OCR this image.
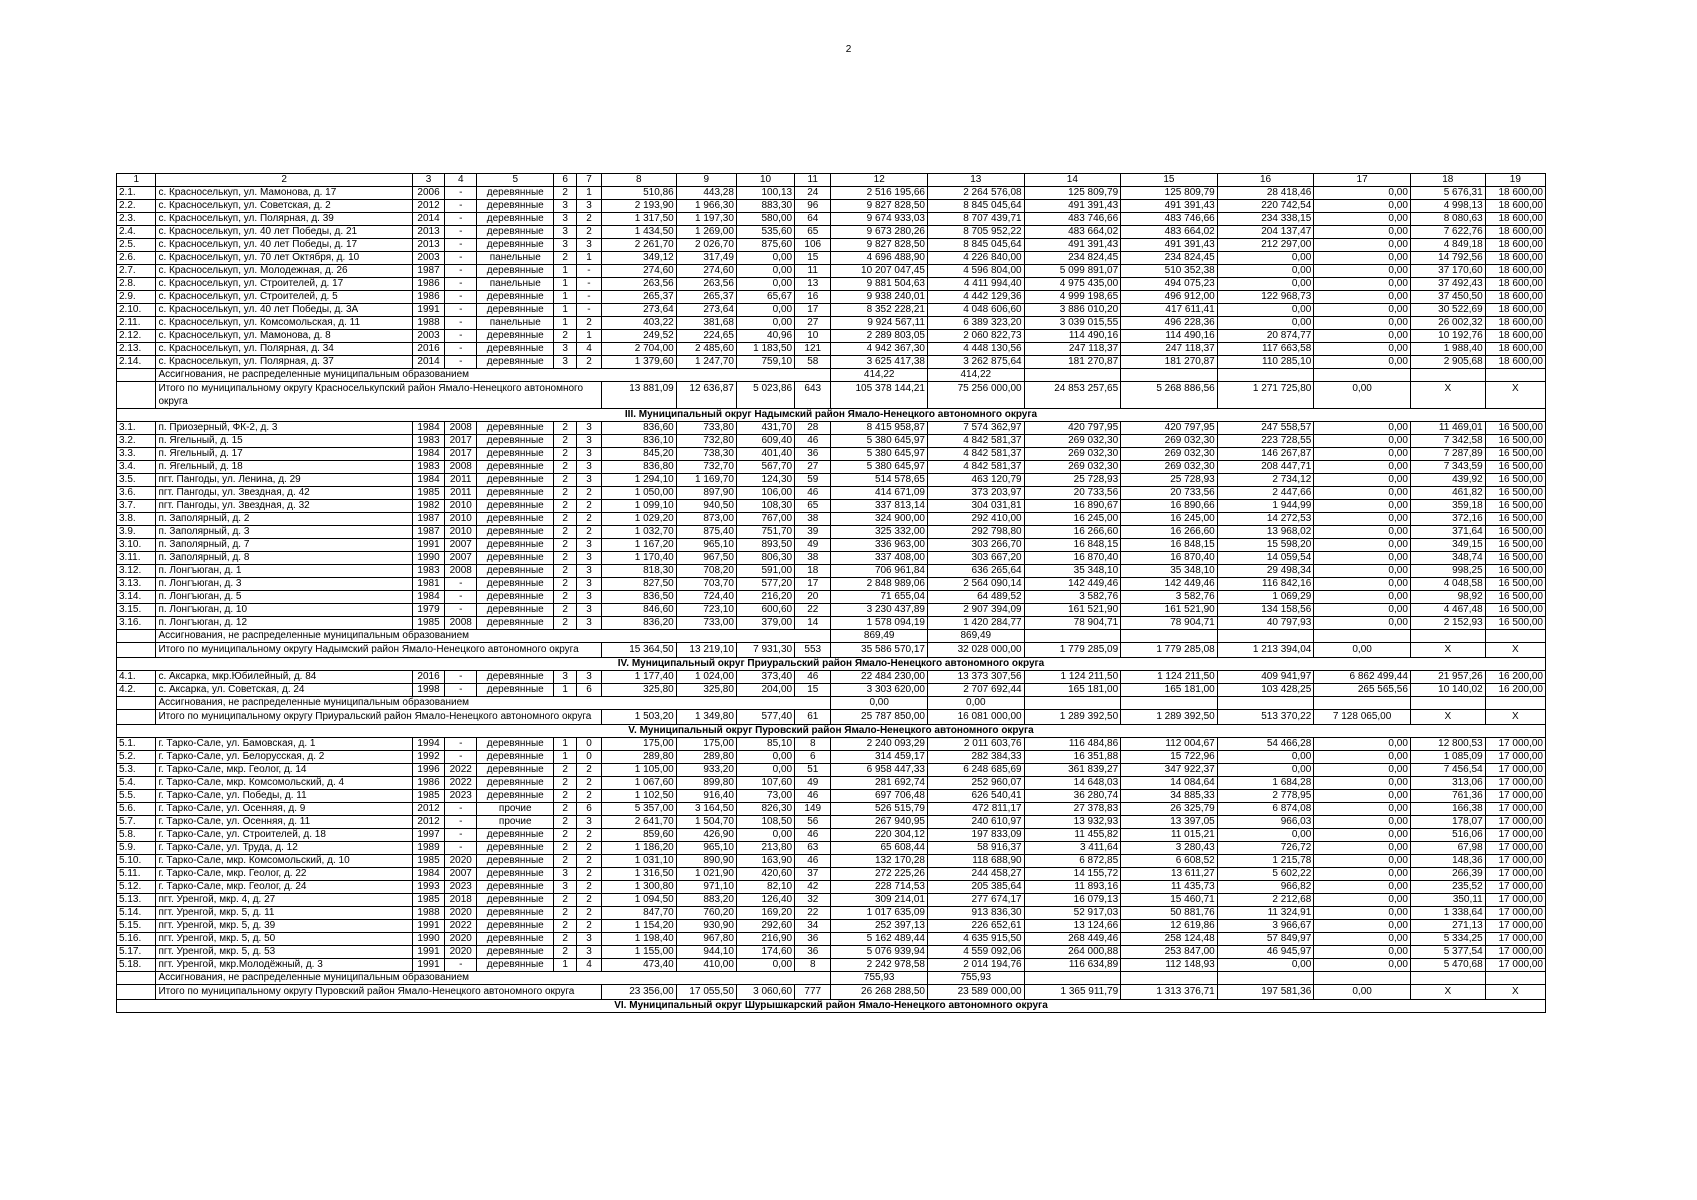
2
1	2	3	4	5	6	7	8	9	10	11	12	13	14	15	16	17	18	19
2.1.	с. Красноселькуп, ул. Мамонова, д. 17	2006	-	деревянные	2	1	510,86	443,28	100,13	24	2 516 195,66	2 264 576,08	125 809,79	125 809,79	28 418,46	0,00	5 676,31	18 600,00
2.2.	с. Красноселькуп, ул. Советская, д. 2	2012	-	деревянные	3	3	2 193,90	1 966,30	883,30	96	9 827 828,50	8 845 045,64	491 391,43	491 391,43	220 742,54	0,00	4 998,13	18 600,00
2.3.	с. Красноселькуп, ул. Полярная, д. 39	2014	-	деревянные	3	2	1 317,50	1 197,30	580,00	64	9 674 933,03	8 707 439,71	483 746,66	483 746,66	234 338,15	0,00	8 080,63	18 600,00
2.4.	с. Красноселькуп, ул. 40 лет Победы, д. 21	2013	-	деревянные	3	2	1 434,50	1 269,00	535,60	65	9 673 280,26	8 705 952,22	483 664,02	483 664,02	204 137,47	0,00	7 622,76	18 600,00
2.5.	с. Красноселькуп, ул. 40 лет Победы, д. 17	2013	-	деревянные	3	3	2 261,70	2 026,70	875,60	106	9 827 828,50	8 845 045,64	491 391,43	491 391,43	212 297,00	0,00	4 849,18	18 600,00
2.6.	с. Красноселькуп, ул. 70 лет Октября, д. 10	2003	-	панельные	2	1	349,12	317,49	0,00	15	4 696 488,90	4 226 840,00	234 824,45	234 824,45	0,00	0,00	14 792,56	18 600,00
2.7.	с. Красноселькуп, ул. Молодежная, д. 26	1987	-	деревянные	1	-	274,60	274,60	0,00	11	10 207 047,45	4 596 804,00	5 099 891,07	510 352,38	0,00	0,00	37 170,60	18 600,00
2.8.	с. Красноселькуп, ул. Строителей, д. 17	1986	-	панельные	1	-	263,56	263,56	0,00	13	9 881 504,63	4 411 994,40	4 975 435,00	494 075,23	0,00	0,00	37 492,43	18 600,00
2.9.	с. Красноселькуп, ул. Строителей, д. 5	1986	-	деревянные	1	-	265,37	265,37	65,67	16	9 938 240,01	4 442 129,36	4 999 198,65	496 912,00	122 968,73	0,00	37 450,50	18 600,00
2.10.	с. Красноселькуп, ул. 40 лет Победы, д. 3А	1991	-	деревянные	1	-	273,64	273,64	0,00	17	8 352 228,21	4 048 606,60	3 886 010,20	417 611,41	0,00	0,00	30 522,69	18 600,00
2.11.	с. Красноселькуп, ул. Комсомольская, д. 11	1988	-	панельные	1	2	403,22	381,68	0,00	27	9 924 567,11	6 389 323,20	3 039 015,55	496 228,36	0,00	0,00	26 002,32	18 600,00
2.12.	с. Красноселькуп, ул. Мамонова, д. 8	2003	-	деревянные	2	1	249,52	224,65	40,96	10	2 289 803,05	2 060 822,73	114 490,16	114 490,16	20 874,77	0,00	10 192,76	18 600,00
2.13.	с. Красноселькуп, ул. Полярная, д. 34	2016	-	деревянные	3	4	2 704,00	2 485,60	1 183,50	121	4 942 367,30	4 448 130,56	247 118,37	247 118,37	117 663,58	0,00	1 988,40	18 600,00
2.14.	с. Красноселькуп, ул. Полярная, д. 37	2014	-	деревянные	3	2	1 379,60	1 247,70	759,10	58	3 625 417,38	3 262 875,64	181 270,87	181 270,87	110 285,10	0,00	2 905,68	18 600,00
	Ассигнования, не распределенные муниципальным образованием										414,22	414,22						
	Итого по муниципальному округу Красноселькупский район Ямало-Ненецкого автономного округа						13 881,09	12 636,87	5 023,86	643	105 378 144,21	75 256 000,00	24 853 257,65	5 268 886,56	1 271 725,80	0,00	X	X
III. Муниципальный округ Надымский район Ямало-Ненецкого автономного округа																		
3.1.	п. Приозерный, ФК-2, д. 3	1984	2008	деревянные	2	3	836,60	733,80	431,70	28	8 415 958,87	7 574 362,97	420 797,95	420 797,95	247 558,57	0,00	11 469,01	16 500,00
3.2.	п. Ягельный, д. 15	1983	2017	деревянные	2	3	836,10	732,80	609,40	46	5 380 645,97	4 842 581,37	269 032,30	269 032,30	223 728,55	0,00	7 342,58	16 500,00
3.3.	п. Ягельный, д. 17	1984	2017	деревянные	2	3	845,20	738,30	401,40	36	5 380 645,97	4 842 581,37	269 032,30	269 032,30	146 267,87	0,00	7 287,89	16 500,00
3.4.	п. Ягельный, д. 18	1983	2008	деревянные	2	3	836,80	732,70	567,70	27	5 380 645,97	4 842 581,37	269 032,30	269 032,30	208 447,71	0,00	7 343,59	16 500,00
3.5.	пгт. Пангоды, ул. Ленина, д. 29	1984	2011	деревянные	2	3	1 294,10	1 169,70	124,30	59	514 578,65	463 120,79	25 728,93	25 728,93	2 734,12	0,00	439,92	16 500,00
3.6.	пгт. Пангоды, ул. Звездная, д. 42	1985	2011	деревянные	2	2	1 050,00	897,90	106,00	46	414 671,09	373 203,97	20 733,56	20 733,56	2 447,66	0,00	461,82	16 500,00
3.7.	пгт. Пангоды, ул. Звездная, д. 32	1982	2010	деревянные	2	2	1 099,10	940,50	108,30	65	337 813,14	304 031,81	16 890,67	16 890,66	1 944,99	0,00	359,18	16 500,00
3.8.	п. Заполярный, д. 2	1987	2010	деревянные	2	2	1 029,20	873,00	767,00	38	324 900,00	292 410,00	16 245,00	16 245,00	14 272,53	0,00	372,16	16 500,00
3.9.	п. Заполярный, д. 3	1987	2010	деревянные	2	2	1 032,70	875,40	751,70	39	325 332,00	292 798,80	16 266,60	16 266,60	13 968,02	0,00	371,64	16 500,00
3.10.	п. Заполярный, д. 7	1991	2007	деревянные	2	3	1 167,20	965,10	893,50	49	336 963,00	303 266,70	16 848,15	16 848,15	15 598,20	0,00	349,15	16 500,00
3.11.	п. Заполярный, д. 8	1990	2007	деревянные	2	3	1 170,40	967,50	806,30	38	337 408,00	303 667,20	16 870,40	16 870,40	14 059,54	0,00	348,74	16 500,00
3.12.	п. Лонгъюган, д. 1	1983	2008	деревянные	2	3	818,30	708,20	591,00	18	706 961,84	636 265,64	35 348,10	35 348,10	29 498,34	0,00	998,25	16 500,00
3.13.	п. Лонгъюган, д. 3	1981	-	деревянные	2	3	827,50	703,70	577,20	17	2 848 989,06	2 564 090,14	142 449,46	142 449,46	116 842,16	0,00	4 048,58	16 500,00
3.14.	п. Лонгъюган, д. 5	1984	-	деревянные	2	3	836,50	724,40	216,20	20	71 655,04	64 489,52	3 582,76	3 582,76	1 069,29	0,00	98,92	16 500,00
3.15.	п. Лонгъюган, д. 10	1979	-	деревянные	2	3	846,60	723,10	600,60	22	3 230 437,89	2 907 394,09	161 521,90	161 521,90	134 158,56	0,00	4 467,48	16 500,00
3.16.	п. Лонгъюган, д. 12	1985	2008	деревянные	2	3	836,20	733,00	379,00	14	1 578 094,19	1 420 284,77	78 904,71	78 904,71	40 797,93	0,00	2 152,93	16 500,00
	Ассигнования, не распределенные муниципальным образованием										869,49	869,49						
	Итого по муниципальному округу Надымский район Ямало-Ненецкого автономного округа						15 364,50	13 219,10	7 931,30	553	35 586 570,17	32 028 000,00	1 779 285,09	1 779 285,08	1 213 394,04	0,00	X	X
IV. Муниципальный округ Приуральский район Ямало-Ненецкого автономного округа																		
4.1.	с. Аксарка, мкр.Юбилейный, д. 84	2016	-	деревянные	3	3	1 177,40	1 024,00	373,40	46	22 484 230,00	13 373 307,56	1 124 211,50	1 124 211,50	409 941,97	6 862 499,44	21 957,26	16 200,00
4.2.	с. Аксарка, ул. Советская, д. 24	1998	-	деревянные	1	6	325,80	325,80	204,00	15	3 303 620,00	2 707 692,44	165 181,00	165 181,00	103 428,25	265 565,56	10 140,02	16 200,00
	Ассигнования, не распределенные муниципальным образованием										0,00	0,00						
	Итого по муниципальному округу Приуральский район Ямало-Ненецкого автономного округа						1 503,20	1 349,80	577,40	61	25 787 850,00	16 081 000,00	1 289 392,50	1 289 392,50	513 370,22	7 128 065,00	X	X
V. Муниципальный округ Пуровский район Ямало-Ненецкого автономного округа																		
5.1.	г. Тарко-Сале, ул. Бамовская, д. 1	1994	-	деревянные	1	0	175,00	175,00	85,10	8	2 240 093,29	2 011 603,76	116 484,86	112 004,67	54 466,28	0,00	12 800,53	17 000,00
5.2.	г. Тарко-Сале, ул. Белорусская, д. 2	1992	-	деревянные	1	0	289,80	289,80	0,00	6	314 459,17	282 384,33	16 351,88	15 722,96	0,00	0,00	1 085,09	17 000,00
5.3.	г. Тарко-Сале, мкр. Геолог, д. 14	1996	2022	деревянные	2	2	1 105,00	933,20	0,00	51	6 958 447,33	6 248 685,69	361 839,27	347 922,37	0,00	0,00	7 456,54	17 000,00
5.4.	г. Тарко-Сале, мкр. Комсомольский, д. 4	1986	2022	деревянные	2	2	1 067,60	899,80	107,60	49	281 692,74	252 960,07	14 648,03	14 084,64	1 684,28	0,00	313,06	17 000,00
5.5.	г. Тарко-Сале, ул. Победы, д. 11	1985	2023	деревянные	2	2	1 102,50	916,40	73,00	46	697 706,48	626 540,41	36 280,74	34 885,33	2 778,95	0,00	761,36	17 000,00
5.6.	г. Тарко-Сале, ул. Осенняя, д. 9	2012	-	прочие	2	6	5 357,00	3 164,50	826,30	149	526 515,79	472 811,17	27 378,83	26 325,79	6 874,08	0,00	166,38	17 000,00
5.7.	г. Тарко-Сале, ул. Осенняя, д. 11	2012	-	прочие	2	3	2 641,70	1 504,70	108,50	56	267 940,95	240 610,97	13 932,93	13 397,05	966,03	0,00	178,07	17 000,00
5.8.	г. Тарко-Сале, ул. Строителей, д. 18	1997	-	деревянные	2	2	859,60	426,90	0,00	46	220 304,12	197 833,09	11 455,82	11 015,21	0,00	0,00	516,06	17 000,00
5.9.	г. Тарко-Сале, ул. Труда, д. 12	1989	-	деревянные	2	2	1 186,20	965,10	213,80	63	65 608,44	58 916,37	3 411,64	3 280,43	726,72	0,00	67,98	17 000,00
5.10.	г. Тарко-Сале, мкр. Комсомольский, д. 10	1985	2020	деревянные	2	2	1 031,10	890,90	163,90	46	132 170,28	118 688,90	6 872,85	6 608,52	1 215,78	0,00	148,36	17 000,00
5.11.	г. Тарко-Сале, мкр. Геолог, д. 22	1984	2007	деревянные	3	2	1 316,50	1 021,90	420,60	37	272 225,26	244 458,27	14 155,72	13 611,27	5 602,22	0,00	266,39	17 000,00
5.12.	г. Тарко-Сале, мкр. Геолог, д. 24	1993	2023	деревянные	3	2	1 300,80	971,10	82,10	42	228 714,53	205 385,64	11 893,16	11 435,73	966,82	0,00	235,52	17 000,00
5.13.	пгт. Уренгой, мкр. 4, д. 27	1985	2018	деревянные	2	2	1 094,50	883,20	126,40	32	309 214,01	277 674,17	16 079,13	15 460,71	2 212,68	0,00	350,11	17 000,00
5.14.	пгт. Уренгой, мкр. 5, д. 11	1988	2020	деревянные	2	2	847,70	760,20	169,20	22	1 017 635,09	913 836,30	52 917,03	50 881,76	11 324,91	0,00	1 338,64	17 000,00
5.15.	пгт. Уренгой, мкр. 5, д. 39	1991	2022	деревянные	2	2	1 154,20	930,90	292,60	34	252 397,13	226 652,61	13 124,66	12 619,86	3 966,67	0,00	271,13	17 000,00
5.16.	пгт. Уренгой, мкр. 5, д. 50	1990	2020	деревянные	2	3	1 198,40	967,80	216,90	36	5 162 489,44	4 635 915,50	268 449,46	258 124,48	57 849,97	0,00	5 334,25	17 000,00
5.17.	пгт. Уренгой, мкр. 5, д. 53	1991	2020	деревянные	2	3	1 155,00	944,10	174,60	36	5 076 939,94	4 559 092,06	264 000,88	253 847,00	46 945,97	0,00	5 377,54	17 000,00
5.18.	пгт. Уренгой, мкр.Молодёжный, д. 3	1991	-	деревянные	1	4	473,40	410,00	0,00	8	2 242 978,58	2 014 194,76	116 634,89	112 148,93	0,00	0,00	5 470,68	17 000,00
	Ассигнования, не распределенные муниципальным образованием										755,93	755,93						
	Итого по муниципальному округу Пуровский район Ямало-Ненецкого автономного округа						23 356,00	17 055,50	3 060,60	777	26 268 288,50	23 589 000,00	1 365 911,79	1 313 376,71	197 581,36	0,00	X	X
VI. Муниципальный округ Шурышкарский район Ямало-Ненецкого автономного округа																		
